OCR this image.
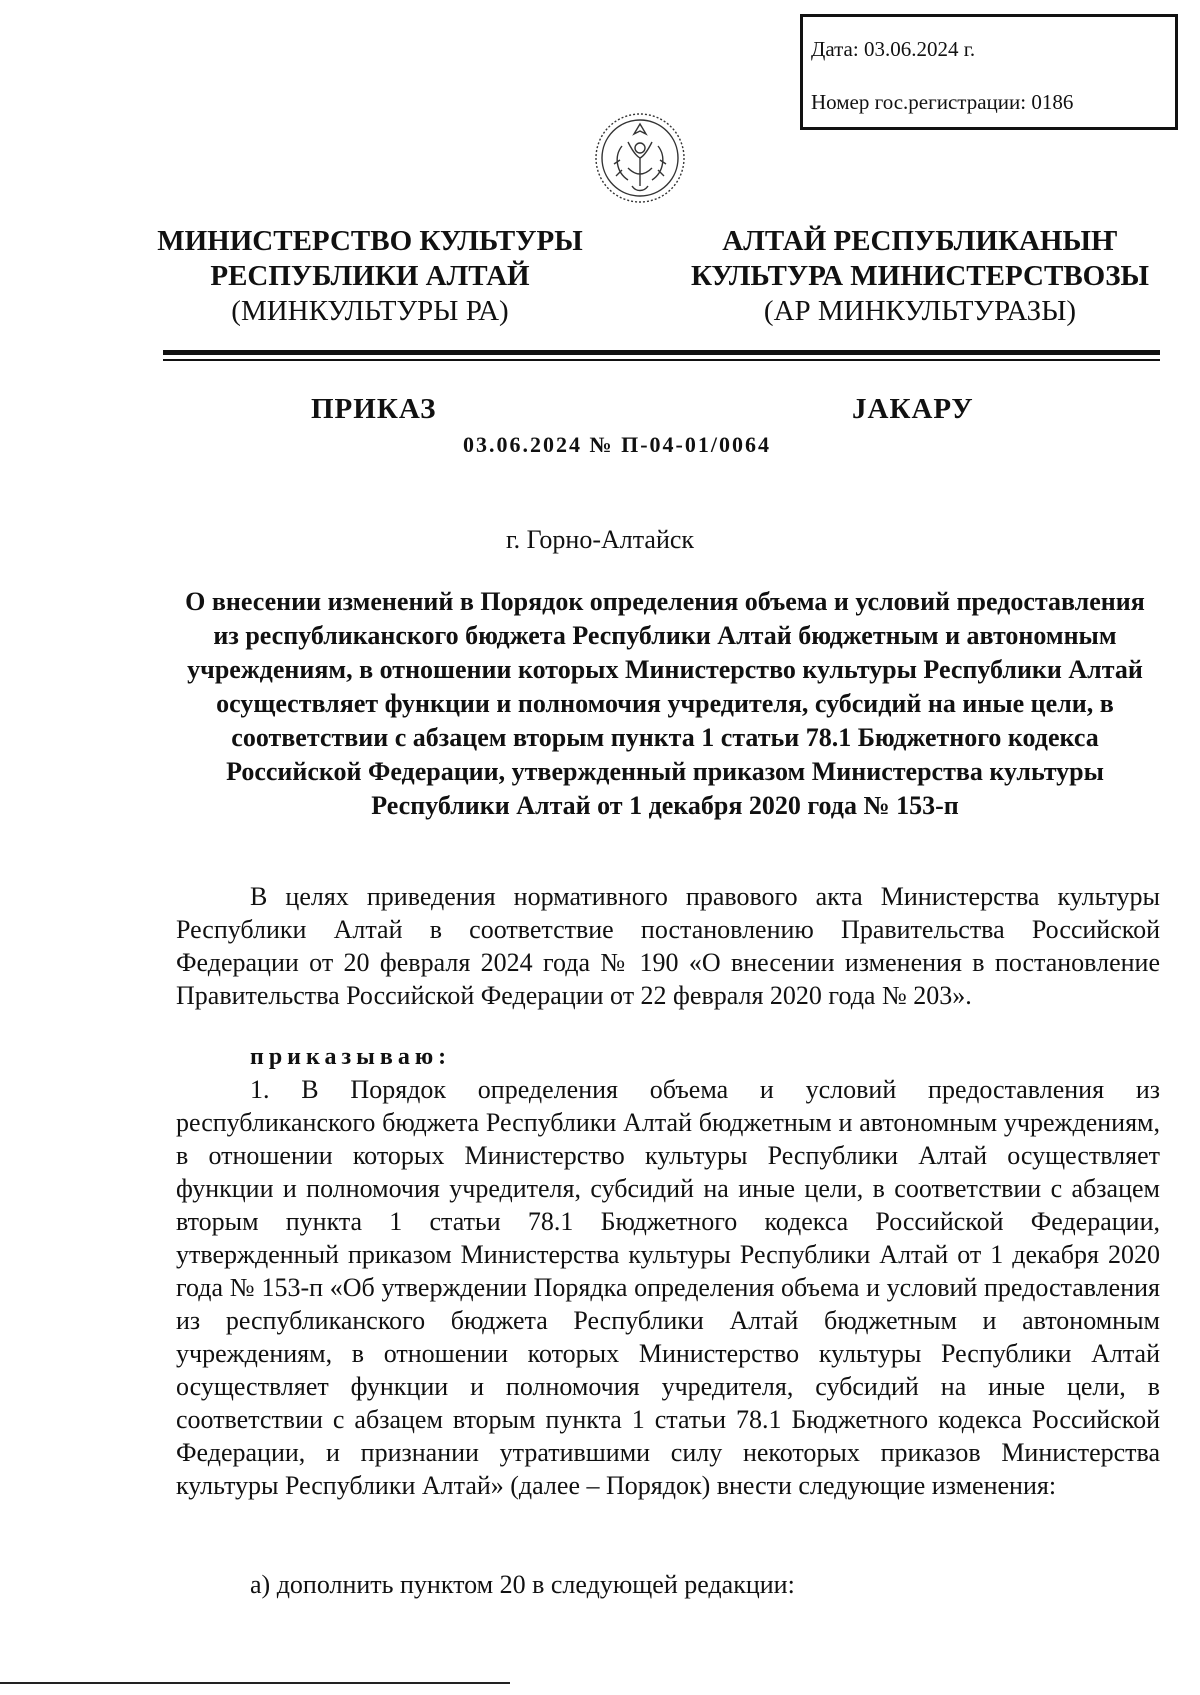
Дата: 03.06.2024 г.
Номер гос.регистрации: 0186
МИНИСТЕРСТВО КУЛЬТУРЫ
РЕСПУБЛИКИ АЛТАЙ
(МИНКУЛЬТУРЫ РА)
АЛТАЙ РЕСПУБЛИКАНЫҤ
КУЛЬТУРА МИНИСТЕРСТВОЗЫ
(АР МИНКУЛЬТУРАЗЫ)
ПРИКАЗ	ЈАКАРУ
03.06.2024 № П-04-01/0064
г. Горно-Алтайск
О внесении изменений в Порядок определения объема и условий предоставления из республиканского бюджета Республики Алтай бюджетным и автономным учреждениям, в отношении которых Министерство культуры Республики Алтай осуществляет функции и полномочия учредителя, субсидий на иные цели, в соответствии с абзацем вторым пункта 1 статьи 78.1 Бюджетного кодекса Российской Федерации, утвержденный приказом Министерства культуры Республики Алтай от 1 декабря 2020 года № 153-п
В целях приведения нормативного правового акта Министерства культуры Республики Алтай в соответствие постановлению Правительства Российской Федерации от 20 февраля 2024 года № 190 «О внесении изменения в постановление Правительства Российской Федерации от 22 февраля 2020 года № 203».
приказываю:
1. В Порядок определения объема и условий предоставления из республиканского бюджета Республики Алтай бюджетным и автономным учреждениям, в отношении которых Министерство культуры Республики Алтай осуществляет функции и полномочия учредителя, субсидий на иные цели, в соответствии с абзацем вторым пункта 1 статьи 78.1 Бюджетного кодекса Российской Федерации, утвержденный приказом Министерства культуры Республики Алтай от 1 декабря 2020 года № 153-п «Об утверждении Порядка определения объема и условий предоставления из республиканского бюджета Республики Алтай бюджетным и автономным учреждениям, в отношении которых Министерство культуры Республики Алтай осуществляет функции и полномочия учредителя, субсидий на иные цели, в соответствии с абзацем вторым пункта 1 статьи 78.1 Бюджетного кодекса Российской Федерации, и признании утратившими силу некоторых приказов Министерства культуры Республики Алтай» (далее – Порядок) внести следующие изменения:
а) дополнить пунктом 20 в следующей редакции:
